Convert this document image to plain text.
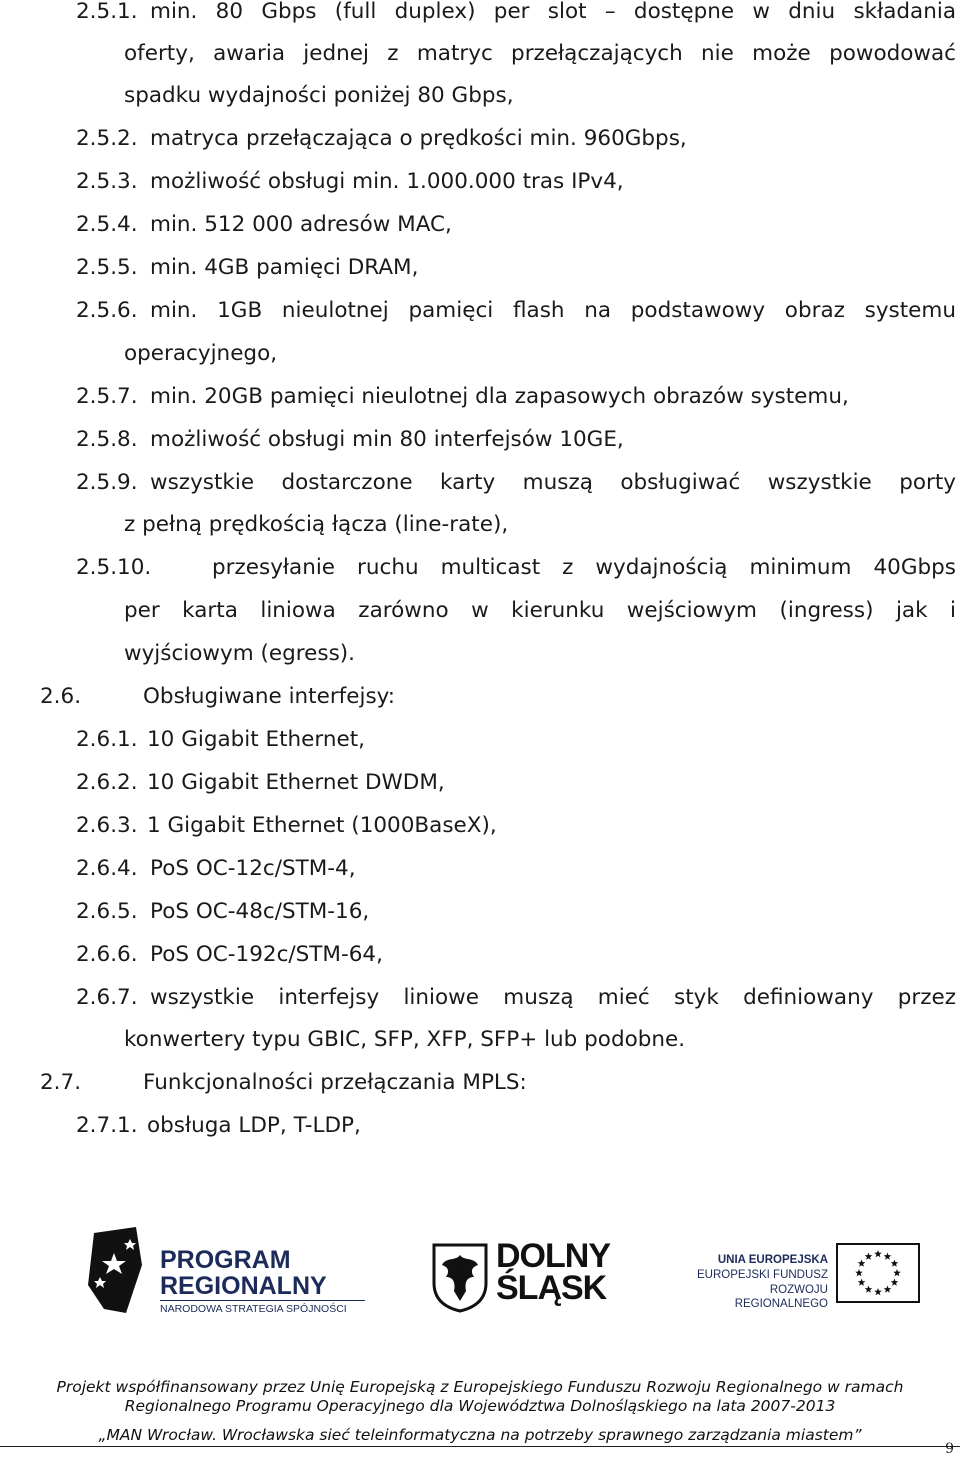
2.5.1. min. 80 Gbps (full duplex) per slot – dostępne w dniu składania
oferty, awaria jednej z matryc przełączających nie może powodować
spadku wydajności poniżej 80 Gbps,
2.5.2. matryca przełączająca o prędkości min. 960Gbps,
2.5.3. możliwość obsługi min. 1.000.000 tras IPv4,
2.5.4. min. 512 000 adresów MAC,
2.5.5. min. 4GB pamięci DRAM,
2.5.6. min. 1GB nieulotnej pamięci flash na podstawowy obraz systemu
operacyjnego,
2.5.7. min. 20GB pamięci nieulotnej dla zapasowych obrazów systemu,
2.5.8. możliwość obsługi min 80 interfejsów 10GE,
2.5.9. wszystkie dostarczone karty muszą obsługiwać wszystkie porty
z pełną prędkością łącza (line-rate),
2.5.10.	przesyłanie ruchu multicast z wydajnością minimum 40Gbps
per karta liniowa zarówno w kierunku wejściowym (ingress) jak i
wyjściowym (egress).
2.6.	Obsługiwane interfejsy:
2.6.1. 10 Gigabit Ethernet,
2.6.2. 10 Gigabit Ethernet DWDM,
2.6.3. 1 Gigabit Ethernet (1000BaseX),
2.6.4. PoS OC-12c/STM-4,
2.6.5. PoS OC-48c/STM-16,
2.6.6. PoS OC-192c/STM-64,
2.6.7. wszystkie interfejsy liniowe muszą mieć styk definiowany przez
konwertery typu GBIC, SFP, XFP, SFP+ lub podobne.
2.7.	Funkcjonalności przełączania MPLS:
2.7.1. obsługa LDP, T-LDP,
PROGRAM
REGIONALNY
NARODOWA STRATEGIA SPÓJNOŚCI
DOLNY
ŚLĄSK
UNIA EUROPEJSKA
EUROPEJSKI FUNDUSZ
ROZWOJU REGIONALNEGO
Projekt współfinansowany przez Unię Europejską z Europejskiego Funduszu Rozwoju Regionalnego w ramach
Regionalnego Programu Operacyjnego dla Województwa Dolnośląskiego na lata 2007-2013
„MAN Wrocław. Wrocławska sieć teleinformatyczna na potrzeby sprawnego zarządzania miastem”
9
